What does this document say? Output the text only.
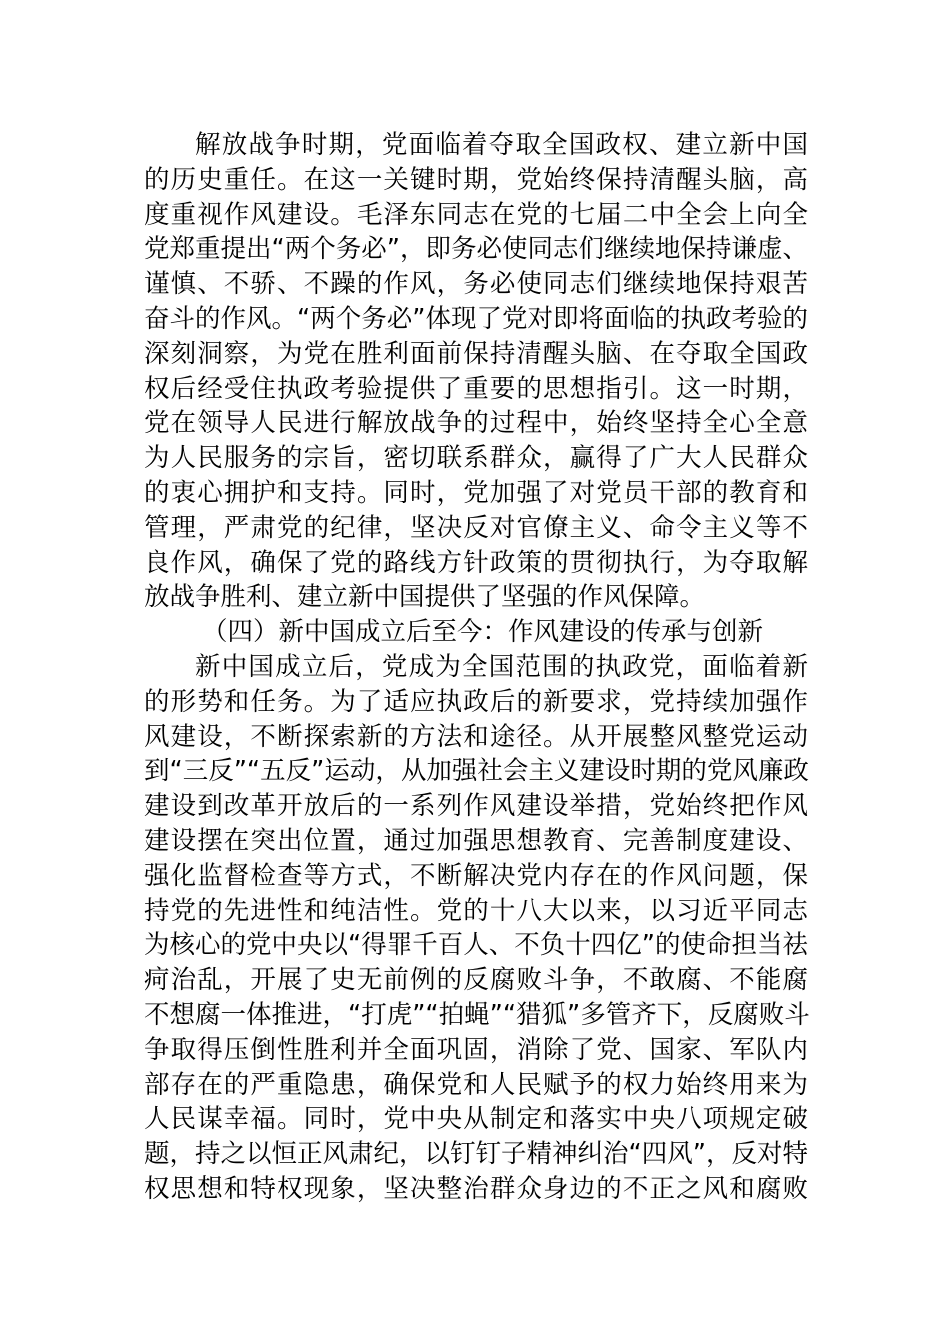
解放战争时期，党面临着夺取全国政权、建立新中国
的历史重任。在这一关键时期，党始终保持清醒头脑，高
度重视作风建设。毛泽东同志在党的七届二中全会上向全
党郑重提出“两个务必”，即务必使同志们继续地保持谦虚、
谨慎、不骄、不躁的作风，务必使同志们继续地保持艰苦
奋斗的作风。“两个务必”体现了党对即将面临的执政考验的
深刻洞察，为党在胜利面前保持清醒头脑、在夺取全国政
权后经受住执政考验提供了重要的思想指引。这一时期，
党在领导人民进行解放战争的过程中，始终坚持全心全意
为人民服务的宗旨，密切联系群众，赢得了广大人民群众
的衷心拥护和支持。同时，党加强了对党员干部的教育和
管理，严肃党的纪律，坚决反对官僚主义、命令主义等不
良作风，确保了党的路线方针政策的贯彻执行，为夺取解
放战争胜利、建立新中国提供了坚强的作风保障。
（四）新中国成立后至今：作风建设的传承与创新
新中国成立后，党成为全国范围的执政党，面临着新
的形势和任务。为了适应执政后的新要求，党持续加强作
风建设，不断探索新的方法和途径。从开展整风整党运动
到“三反”“五反”运动，从加强社会主义建设时期的党风廉政
建设到改革开放后的一系列作风建设举措，党始终把作风
建设摆在突出位置，通过加强思想教育、完善制度建设、
强化监督检查等方式，不断解决党内存在的作风问题，保
持党的先进性和纯洁性。党的十八大以来，以习近平同志
为核心的党中央以“得罪千百人、不负十四亿”的使命担当祛
疴治乱，开展了史无前例的反腐败斗争，不敢腐、不能腐
不想腐一体推进，“打虎”“拍蝇”“猎狐”多管齐下，反腐败斗
争取得压倒性胜利并全面巩固，消除了党、国家、军队内
部存在的严重隐患，确保党和人民赋予的权力始终用来为
人民谋幸福。同时，党中央从制定和落实中央八项规定破
题，持之以恒正风肃纪，以钉钉子精神纠治“四风”，反对特
权思想和特权现象，坚决整治群众身边的不正之风和腐败
